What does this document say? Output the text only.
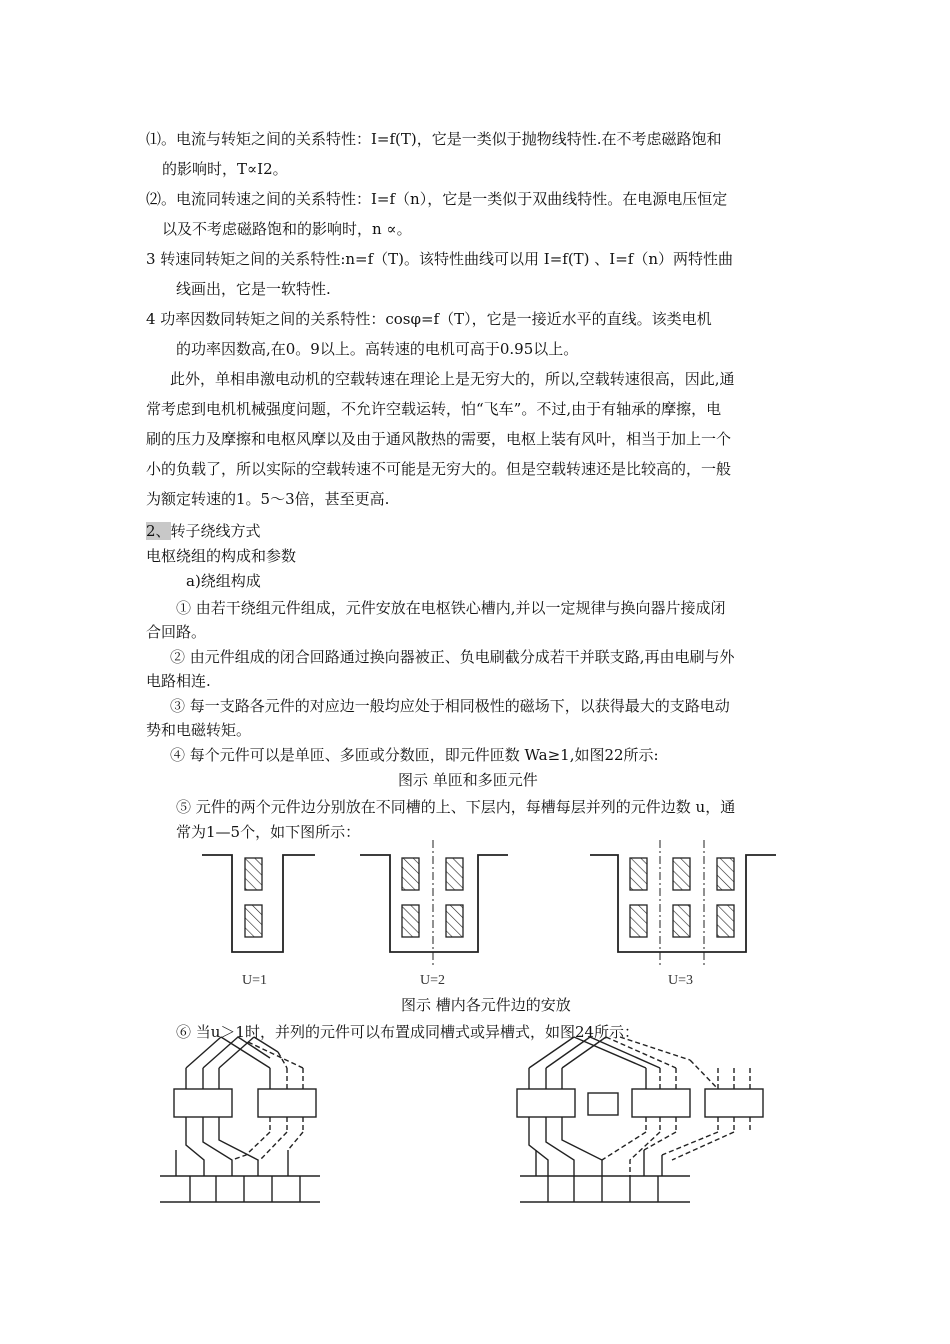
⑴。电流与转矩之间的关系特性：I=f(T)，它是一类似于抛物线特性.在不考虑磁路饱和
的影响时，T∝I2。
⑵。电流同转速之间的关系特性：I=f（n），它是一类似于双曲线特性。在电源电压恒定
以及不考虑磁路饱和的影响时，n ∝。
3 转速同转矩之间的关系特性:n=f（T)。该特性曲线可以用 I=f(T) 、I=f（n）两特性曲
线画出，它是一软特性.
4 功率因数同转矩之间的关系特性：cosφ=f（T），它是一接近水平的直线。该类电机
的功率因数高,在0。9以上。高转速的电机可高于0.95以上。
此外，单相串激电动机的空载转速在理论上是无穷大的，所以,空载转速很高，因此,通
常考虑到电机机械强度问题，不允许空载运转，怕“飞车”。不过,由于有轴承的摩擦，电
刷的压力及摩擦和电枢风摩以及由于通风散热的需要，电枢上装有风叶，相当于加上一个
小的负载了，所以实际的空载转速不可能是无穷大的。但是空载转速还是比较高的，一般
为额定转速的1。5～3倍，甚至更高.
2、转子绕线方式
电枢绕组的构成和参数
a)绕组构成
① 由若干绕组元件组成，元件安放在电枢铁心槽内,并以一定规律与换向器片接成闭
合回路。
② 由元件组成的闭合回路通过换向器被正、负电刷截分成若干并联支路,再由电刷与外
电路相连.
③ 每一支路各元件的对应边一般均应处于相同极性的磁场下，以获得最大的支路电动
势和电磁转矩。
④ 每个元件可以是单匝、多匝或分数匝，即元件匝数 Wa≥1,如图22所示:
图示 单匝和多匝元件
⑤ 元件的两个元件边分别放在不同槽的上、下层内，每槽每层并列的元件边数 u，通
常为1—5个，如下图所示：
U=1	U=2	U=3
图示 槽内各元件边的安放
⑥ 当u＞1时，并列的元件可以布置成同槽式或异槽式，如图24所示：
